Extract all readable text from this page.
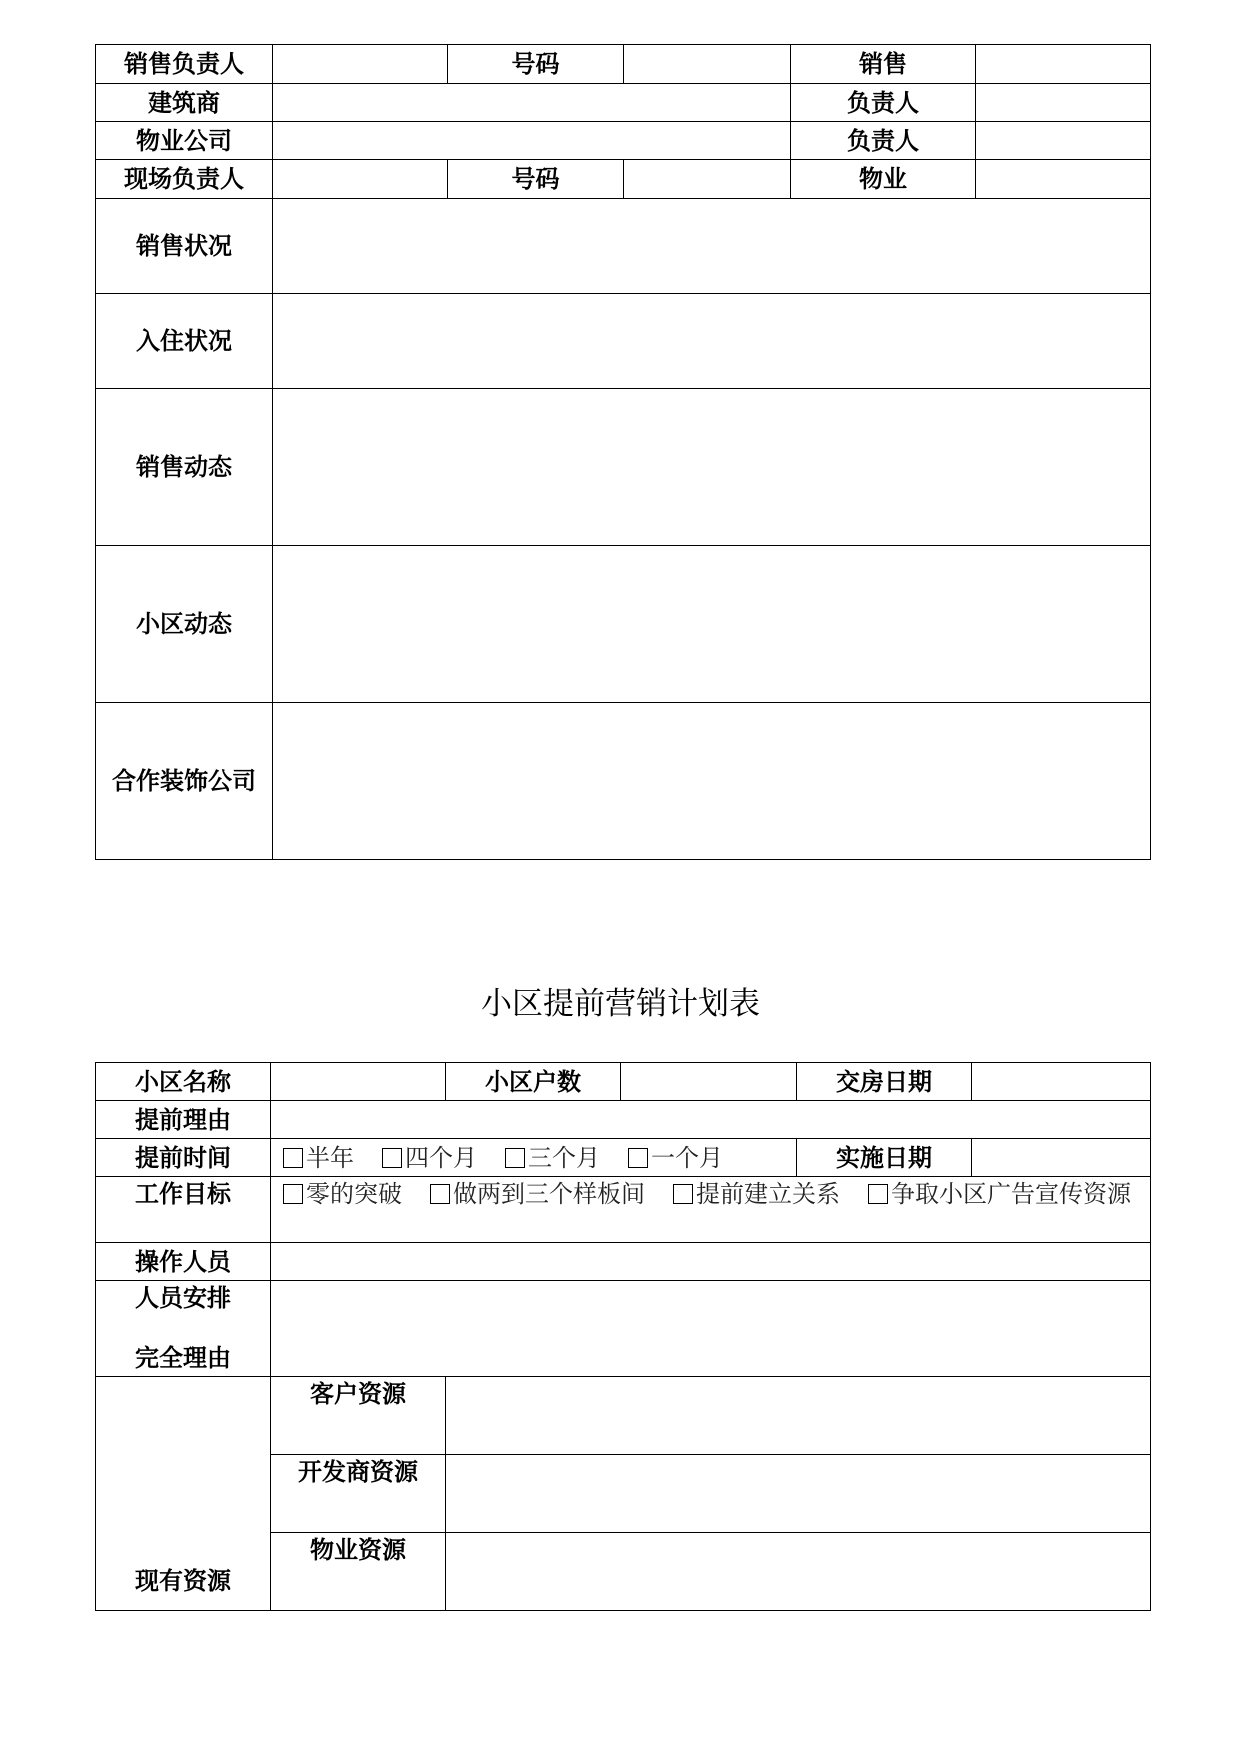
销售负责人		号码		销售	
建筑商				负责人	
物业公司				负责人	
现场负责人		号码		物业	
销售状况					
入住状况					
销售动态					
小区动态					
合作装饰公司					
小区提前营销计划表
小区名称		小区户数		交房日期	
提前理由					
提前时间	半年 四个月 三个月 一个月			实施日期	
工作目标	零的突破 做两到三个样板间 提前建立关系 争取小区广告宣传资源				
操作人员					

人员安排
完全理由					

现有资源	客户资源				
	开发商资源				
	物业资源				
